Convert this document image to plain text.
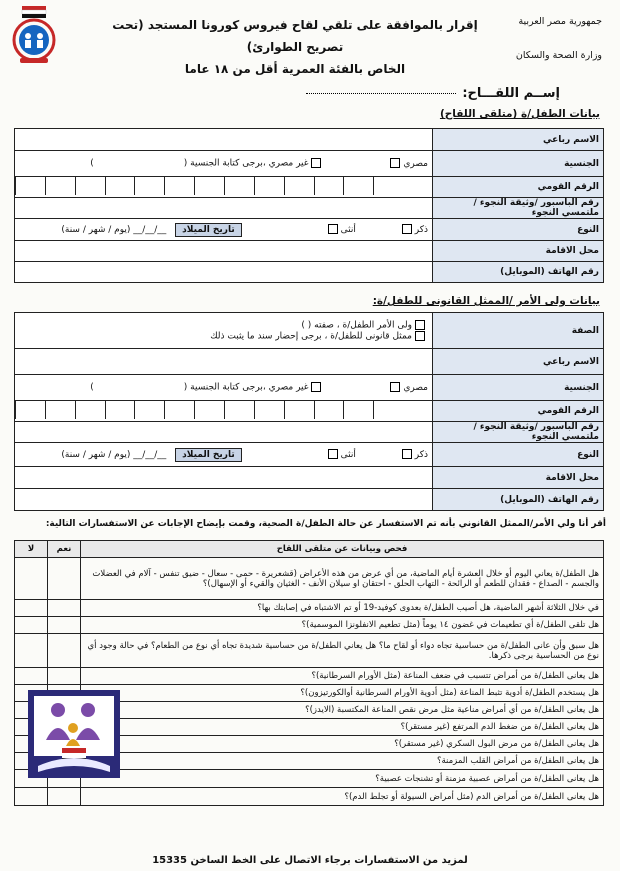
جمهورية مصر العربية
وزارة الصحة والسكان
إقرار بالموافقة على تلقي لقاح فيروس كورونا المستجد (تحت تصريح الطوارئ)
الخاص بالفئة العمرية أقل من ١٨ عاما
إســم اللقـــاح:
بيانات الطفل/ة (متلقى اللقاح)
الاسم رباعي	
الجنسية	مصري غير مصري ،برجى كتابة الجنسية ()
الرقم القومي	

رقم الباسبور /وثيقة النجوء /ملتمسي النجوء	
النوع	ذكر أنثى تاريخ الميلاد __/__/__ (يوم / شهر / سنة)
محل الاقامة	
رقم الهاتف (الموبايل)	
بيانات ولى الأمر /الممثل القانونى للطفل/ة:
الصفة	ولى الأمر الطفل/ة ، صفته ( )
ممثل قانونى للطفل/ة ، برجى إحضار سند ما يثبت ذلك

الاسم رباعي	
الجنسية	مصري غير مصري ،برجى كتابة الجنسية ()
الرقم القومي	

رقم الباسبور /وثيقة النجوء /ملتمسي النجوء	
النوع	ذكر أنثى تاريخ الميلاد __/__/__ (يوم / شهر / سنة)
محل الاقامة	
رقم الهاتف (الموبايل)	
أقر أنا ولي الأمر/الممثل القانوني بأنه تم الاستفسار عن حالة الطفل/ة الصحية، وقمت بإيضاح الإجابات عن الاستفسارات التالية:
فحص وبيانات عن متلقى اللقاح	نعم	لا
هل الطفل/ة يعاني اليوم أو خلال العشرة أيام الماضية، من أي عرض من هذه الأعراض (قشعريرة - حمى - سعال - ضيق تنفس - آلام في العضلات والجسم - الصداع - فقدان للطعم أو الرائحة - التهاب الحلق - احتقان او سيلان الأنف - الغثيان والقيء أو الإسهال)؟		
في خلال الثلاثة أشهر الماضية، هل أصيب الطفل/ة بعدوى كوفيد-19 أو تم الاشتباه في إصابتك بها؟		
هل تلقى الطفل/ة أي تطعيمات في غضون ١٤ يوماً (مثل تطعيم الانفلونزا الموسمية)؟		
هل سبق وأن عانى الطفل/ة من حساسية تجاه دواء أو لقاح ما؟ هل يعاني الطفل/ة من حساسية شديدة تجاه أي نوع من الطعام؟ في حالة وجود أي نوع من الحساسية برجى ذكرها.		
هل يعانى الطفل/ة من أمراض تتسبب في ضعف المناعة (مثل الأورام السرطانية)؟		
هل يستخدم الطفل/ة أدوية تثبط المناعة (مثل أدوية الأورام السرطانية أوالكورتيزون)؟		
هل يعانى الطفل/ة من أي أمراض مناعية مثل مرض نقص المناعة المكتسبة (الايدز)؟		
هل يعانى الطفل/ة من ضغط الدم المرتفع (غير مستقر)؟		
هل يعانى الطفل/ة من مرض البول السكري (غير مستقر)؟		
هل يعانى الطفل/ة من أمراض القلب المزمنة؟		
هل يعانى الطفل/ة من أمراض عصبية مزمنة أو تشنجات عصبية؟		
هل يعانى الطفل/ة من أمراض الدم (مثل أمراض السيولة أو تجلط الدم)؟		
لمزيد من الاستفسارات برجاء الاتصال على الخط الساخن 15335
